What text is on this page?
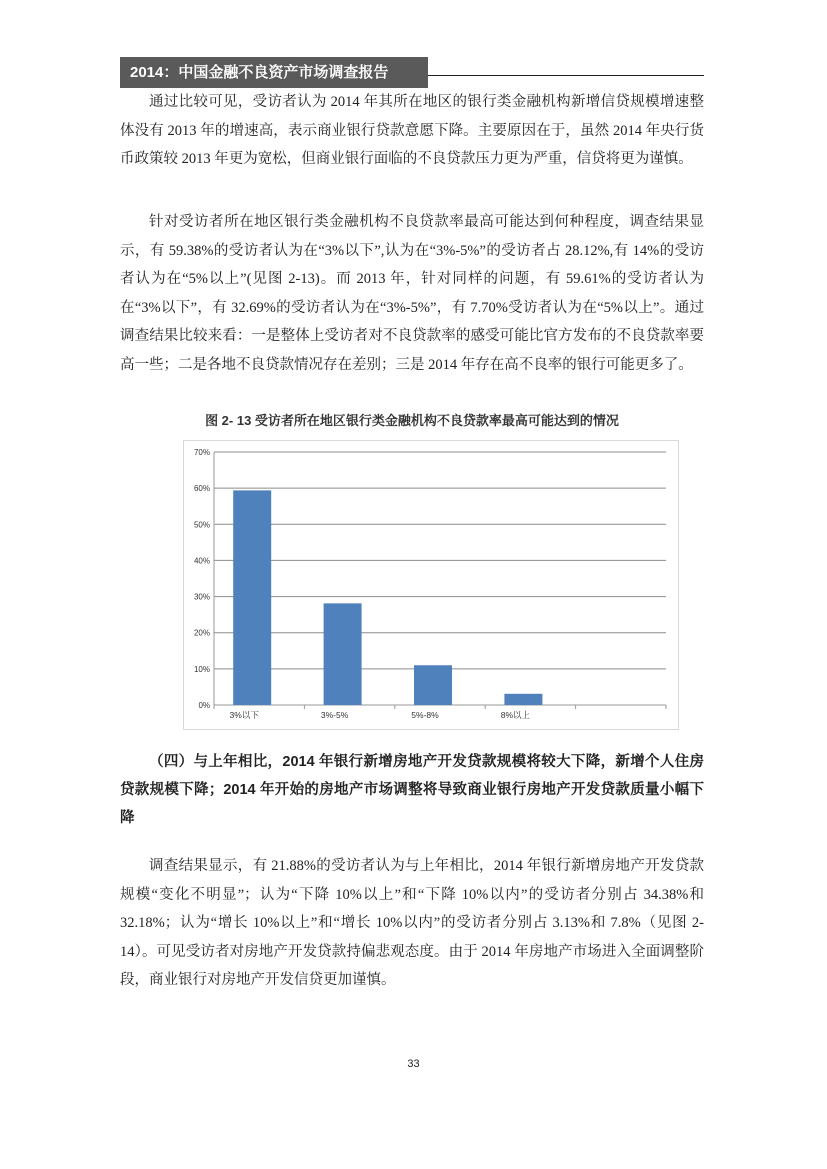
2014：中国金融不良资产市场调查报告

通过比较可见，受访者认为 2014 年其所在地区的银行类金融机构新增信贷规模增速整体没有 2013 年的增速高，表示商业银行贷款意愿下降。主要原因在于，虽然 2014 年央行货币政策较 2013 年更为宽松，但商业银行面临的不良贷款压力更为严重，信贷将更为谨慎。

针对受访者所在地区银行类金融机构不良贷款率最高可能达到何种程度，调查结果显示，有 59.38%的受访者认为在“3%以下”,认为在“3%-5%”的受访者占 28.12%,有 14%的受访者认为在“5%以上”(见图 2-13)。而 2013 年，针对同样的问题，有 59.61%的受访者认为在“3%以下”，有 32.69%的受访者认为在“3%-5%”，有 7.70%受访者认为在“5%以上”。通过调查结果比较来看：一是整体上受访者对不良贷款率的感受可能比官方发布的不良贷款率要高一些；二是各地不良贷款情况存在差别；三是 2014 年存在高不良率的银行可能更多了。

图 2- 13 受访者所在地区银行类金融机构不良贷款率最高可能达到的情况
0%
10%
20%
30%
40%
50%
60%
70%
3%以下	3%-5%	5%-8%	8%以上

（四）与上年相比，2014 年银行新增房地产开发贷款规模将较大下降，新增个人住房贷款规模下降；2014 年开始的房地产市场调整将导致商业银行房地产开发贷款质量小幅下降

调查结果显示，有 21.88%的受访者认为与上年相比，2014 年银行新增房地产开发贷款规模“变化不明显”；认为“下降 10%以上”和“下降 10%以内”的受访者分别占 34.38%和 32.18%；认为“增长 10%以上”和“增长 10%以内”的受访者分别占 3.13%和 7.8%（见图 2-14）。可见受访者对房地产开发贷款持偏悲观态度。由于 2014 年房地产市场进入全面调整阶段，商业银行对房地产开发信贷更加谨慎。

33
